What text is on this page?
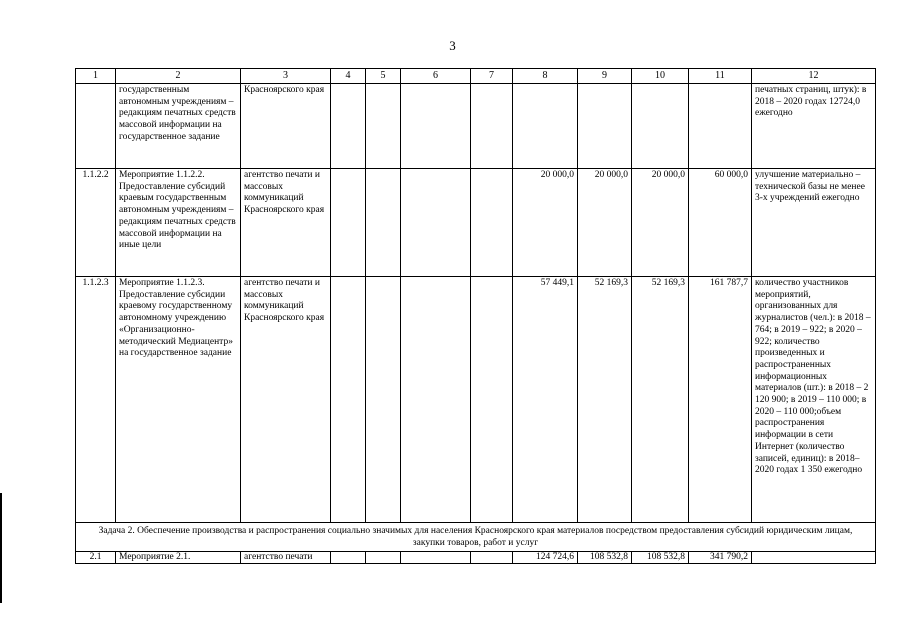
3
1	2	3	4	5	6	7	8	9	10	11	12
	государственным автономным учреждениям – редакциям печатных средств массовой информации на государственное задание	Красноярского края									печатных страниц, штук): в 2018 – 2020 годах 12724,0 ежегодно
1.1.2.2	Мероприятие 1.1.2.2. Предоставление субсидий краевым государственным автономным учреждениям – редакциям печатных средств массовой информации на иные цели	агентство печати и массовых коммуникаций Красноярского края					20 000,0	20 000,0	20 000,0	60 000,0	улучшение материально – технической базы не менее 3-х учреждений ежегодно
1.1.2.3	Мероприятие 1.1.2.3. Предоставление субсидии краевому государственному автономному учреждению «Организационно-методический Медиацентр» на государственное задание	агентство печати и массовых коммуникаций Красноярского края					57 449,1	52 169,3	52 169,3	161 787,7	количество участников мероприятий, организованных для журналистов (чел.): в 2018 – 764; в 2019 – 922; в 2020 – 922; количество произведенных и распространенных информационных материалов (шт.): в 2018 – 2 120 900; в 2019 – 110 000; в 2020 – 110 000;объем распространения информации в сети Интернет (количество записей, единиц): в 2018–2020 годах 1 350 ежегодно
Задача 2. Обеспечение производства и распространения социально значимых для населения Красноярского края материалов посредством предоставления субсидий юридическим лицам, закупки товаров, работ и услуг											
2.1	Мероприятие 2.1.	агентство печати					124 724,6	108 532,8	108 532,8	341 790,2	
